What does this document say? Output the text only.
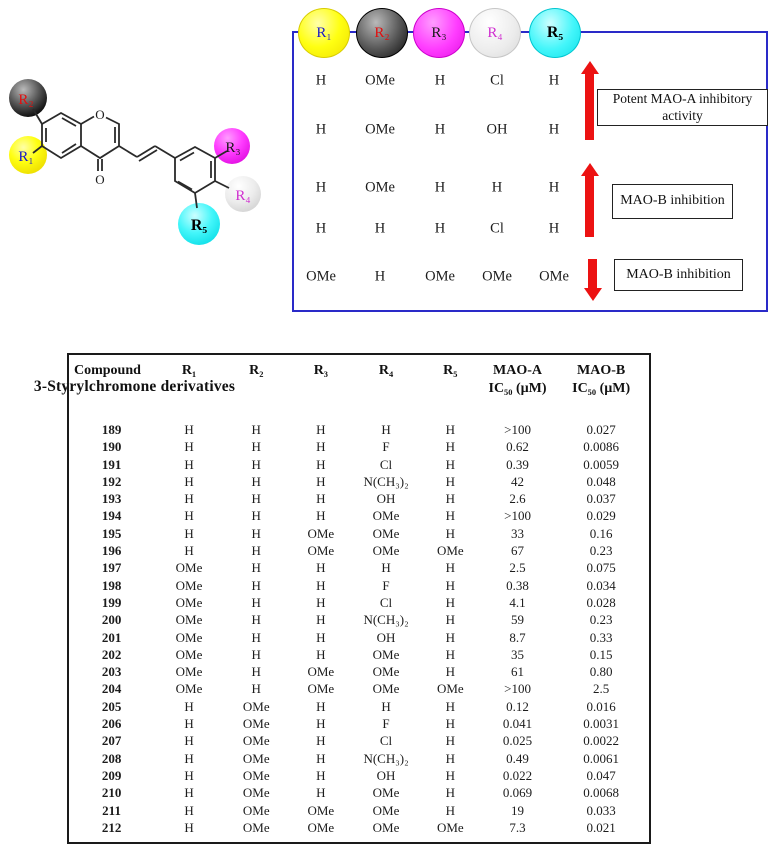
O
O
R₂
R₁
R₃
R₄
R₅
3-Styrylchromone derivatives
R₁	R₂	R₃	R₄	R₅
H	OMe	H	Cl	H
H	OMe	H	OH	H
H	OMe	H	H	H
H	H	H	Cl	H
OMe	H	OMe OMe OMe
Potent MAO-A inhibitory
activity
MAO-B inhibition
MAO-B inhibition
Compound	R₁	R₂	R₃	R₄	R₅	MAO-A
IC₅₀ (µM)

MAO-B
IC₅₀ (µM)

189	H	H	H	H	H	>100	0.027
190	H	H	H	F	H	0.62	0.0086
191	H	H	H	Cl	H	0.39	0.0059
192	H	H	H	N(CH₃)₂	H	42	0.048
193	H	H	H	OH	H	2.6	0.037
194	H	H	H	OMe	H	>100	0.029
195	H	H	OMe	OMe	H	33	0.16
196	H	H	OMe	OMe	OMe	67	0.23
197	OMe	H	H	H	H	2.5	0.075
198	OMe	H	H	F	H	0.38	0.034
199	OMe	H	H	Cl	H	4.1	0.028
200	OMe	H	H	N(CH₃)₂	H	59	0.23
201	OMe	H	H	OH	H	8.7	0.33
202	OMe	H	H	OMe	H	35	0.15
203	OMe	H	OMe	OMe	H	61	0.80
204	OMe	H	OMe	OMe	OMe	>100	2.5
205	H	OMe	H	H	H	0.12	0.016
206	H	OMe	H	F	H	0.041	0.0031
207	H	OMe	H	Cl	H	0.025	0.0022
208	H	OMe	H	N(CH₃)₂	H	0.49	0.0061
209	H	OMe	H	OH	H	0.022	0.047
210	H	OMe	H	OMe	H	0.069	0.0068
211	H	OMe	OMe	OMe	H	19	0.033
212	H	OMe	OMe	OMe	OMe	7.3	0.021
